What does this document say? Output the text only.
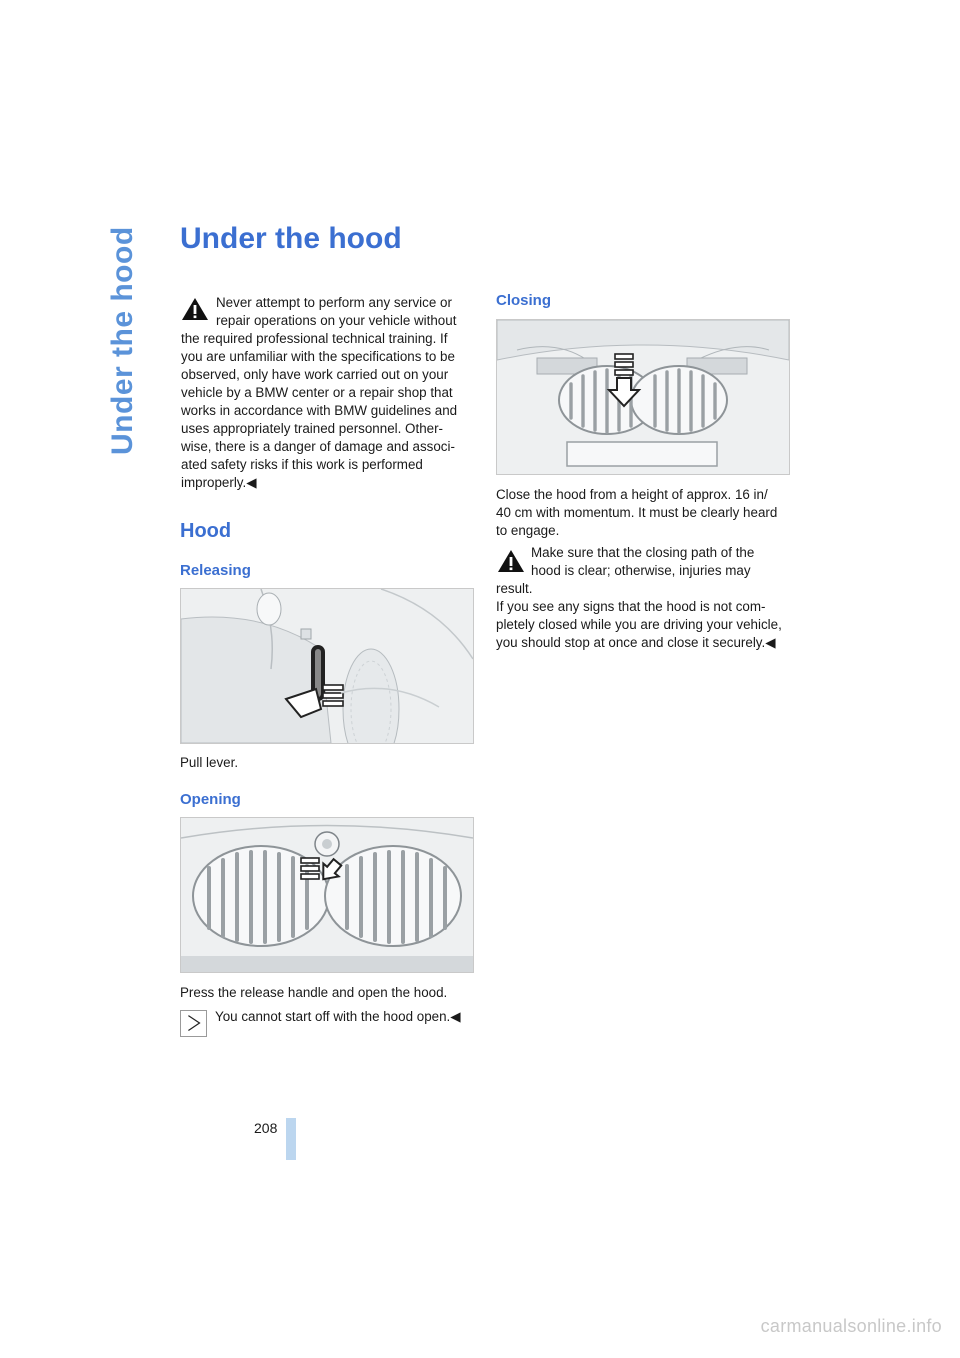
Under the hood Under the hood
Never attempt to perform any service or
repair operations on your vehicle without
the required professional technical training. If
you are unfamiliar with the specifications to be
observed, only have work carried out on your
vehicle by a BMW center or a repair shop that
works in accordance with BMW guidelines and
uses appropriately trained personnel. Other-
wise, there is a danger of damage and associ-
ated safety risks if this work is performed
improperly.◀
Hood
Releasing

Pull lever.

Opening

Press the release handle and open the hood.

You cannot start off with the hood open.◀

Closing
Close the hood from a height of approx. 16 in/
40 cm with momentum. It must be clearly heard
to engage.
Make sure that the closing path of the
hood is clear; otherwise, injuries may
result.
If you see any signs that the hood is not com-
pletely closed while you are driving your vehicle,
you should stop at once and close it securely.◀
208
carmanualsonline.info
